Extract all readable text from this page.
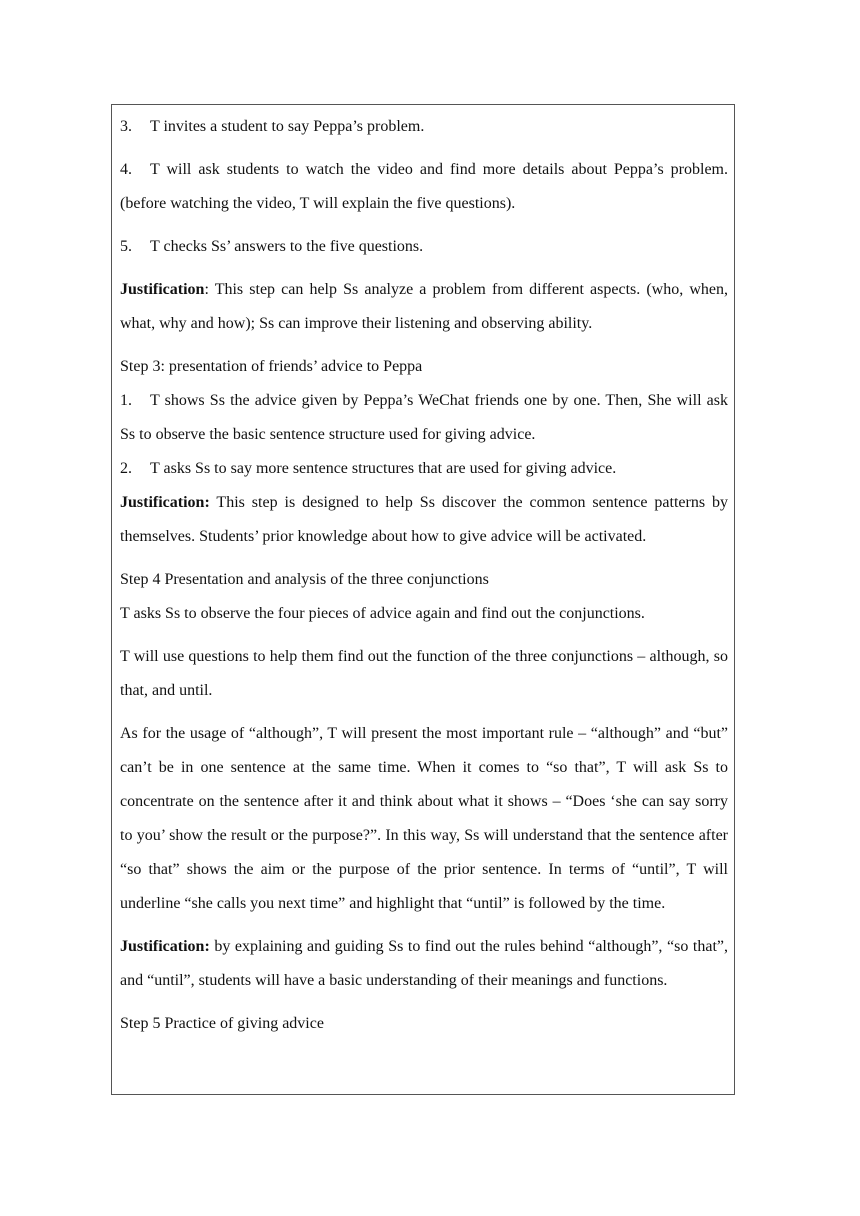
3. T invites a student to say Peppa’s problem.

4. T will ask students to watch the video and find more details about Peppa’s problem. (before watching the video, T will explain the five questions).

5. T checks Ss’ answers to the five questions.

Justification: This step can help Ss analyze a problem from different aspects. (who, when, what, why and how); Ss can improve their listening and observing ability.

Step 3: presentation of friends’ advice to Peppa

1. T shows Ss the advice given by Peppa’s WeChat friends one by one. Then, She will ask Ss to observe the basic sentence structure used for giving advice.

2. T asks Ss to say more sentence structures that are used for giving advice.

Justification: This step is designed to help Ss discover the common sentence patterns by themselves. Students’ prior knowledge about how to give advice will be activated.

Step 4 Presentation and analysis of the three conjunctions

T asks Ss to observe the four pieces of advice again and find out the conjunctions.

T will use questions to help them find out the function of the three conjunctions – although, so that, and until.

As for the usage of “although”, T will present the most important rule – “although” and “but” can’t be in one sentence at the same time. When it comes to “so that”, T will ask Ss to concentrate on the sentence after it and think about what it shows – “Does ‘she can say sorry to you’ show the result or the purpose?”. In this way, Ss will understand that the sentence after “so that” shows the aim or the purpose of the prior sentence. In terms of “until”, T will underline “she calls you next time” and highlight that “until” is followed by the time.

Justification: by explaining and guiding Ss to find out the rules behind “although”, “so that”, and “until”, students will have a basic understanding of their meanings and functions.

Step 5 Practice of giving advice
